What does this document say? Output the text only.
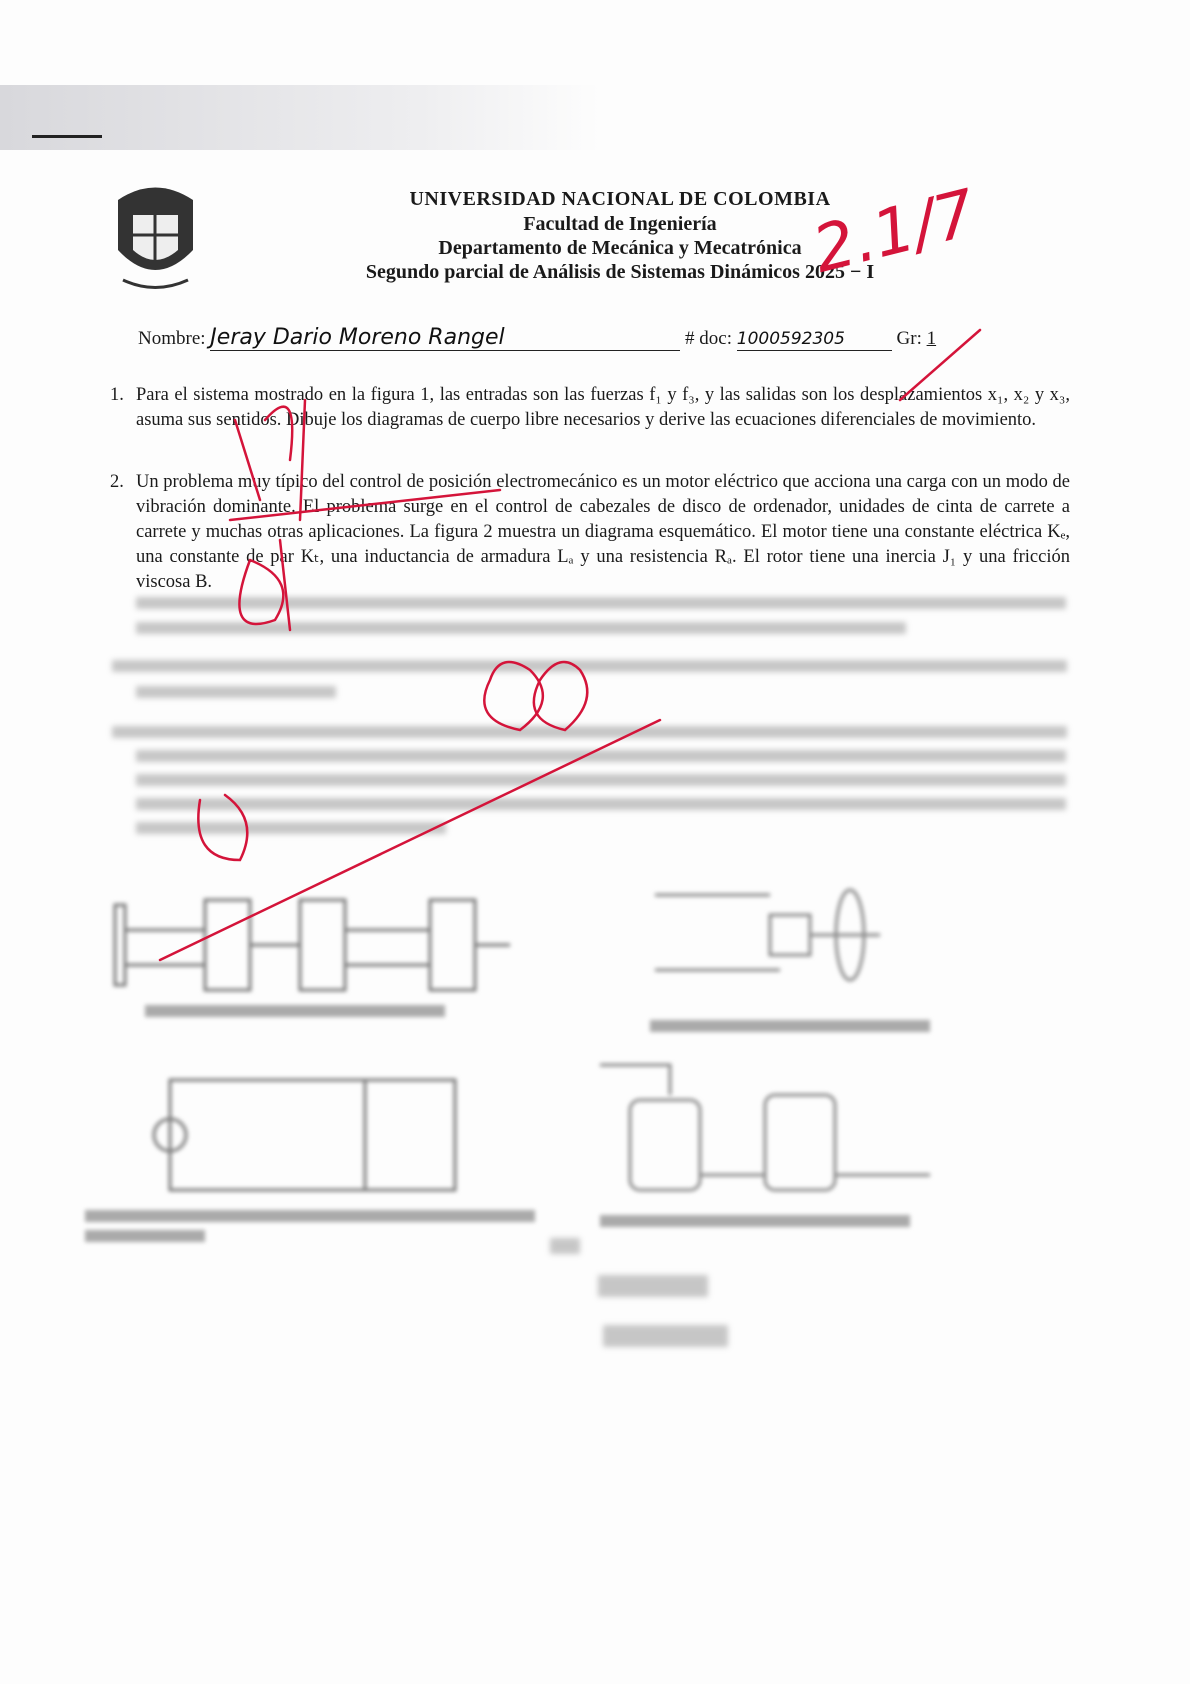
UNIVERSIDAD NACIONAL DE COLOMBIA
Facultad de Ingeniería
Departamento de Mecánica y Mecatrónica
Segundo parcial de Análisis de Sistemas Dinámicos 2025 − I
2.1/7
Nombre: Jeray Dario Moreno Rangel	# doc: 1000592305	Gr: 1
1. Para el sistema mostrado en la figura 1, las entradas son las fuerzas f₁ y f₃, y las salidas son los desplazamientos x₁, x₂ y x₃, asuma sus sentidos. Dibuje los diagramas de cuerpo libre necesarios y derive las ecuaciones diferenciales de movimiento.
2. Un problema muy típico del control de posición electromecánico es un motor eléctrico que acciona una carga con un modo de vibración dominante. El problema surge en el control de cabezales de disco de ordenador, unidades de cinta de carrete a carrete y muchas otras aplicaciones. La figura 2 muestra un diagrama esquemático. El motor tiene una constante eléctrica Kₑ, una constante de par Kₜ, una inductancia de armadura Lₐ y una resistencia Rₐ. El rotor tiene una inercia J₁ y una fricción viscosa B.
